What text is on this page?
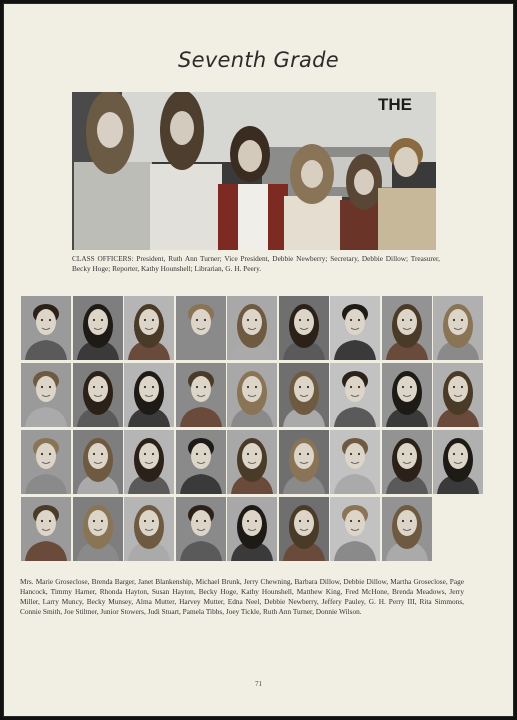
Seventh Grade
THE
CLASS OFFICERS: President, Ruth Ann Turner; Vice President, Debbie Newberry; Secretary, Debbie Dillow; Treasurer, Becky Hoge; Reporter, Kathy Hounshell; Librarian, G. H. Peery.
Mrs. Marie Groseclose, Brenda Barger, Janet Blankenship, Michael Brunk, Jerry Chewning, Barbara Dillow, Debbie Dillow, Martha Groseclose, Page Hancock, Timmy Harner, Rhonda Hayton, Susan Hayton, Becky Hoge, Kathy Hounshell, Matthew King, Fred McHone, Brenda Meadows, Jerry Miller, Larry Muncy, Becky Munsey, Alma Mutter, Harvey Mutter, Edna Neel, Debbie Newberry, Jeffery Pauley, G. H. Perry III, Rita Simmons, Connie Smith, Joe Stiltner, Junior Stowers, Judi Stuart, Pamela Tibbs, Joey Tickle, Ruth Ann Turner, Donnie Wilson.
71
